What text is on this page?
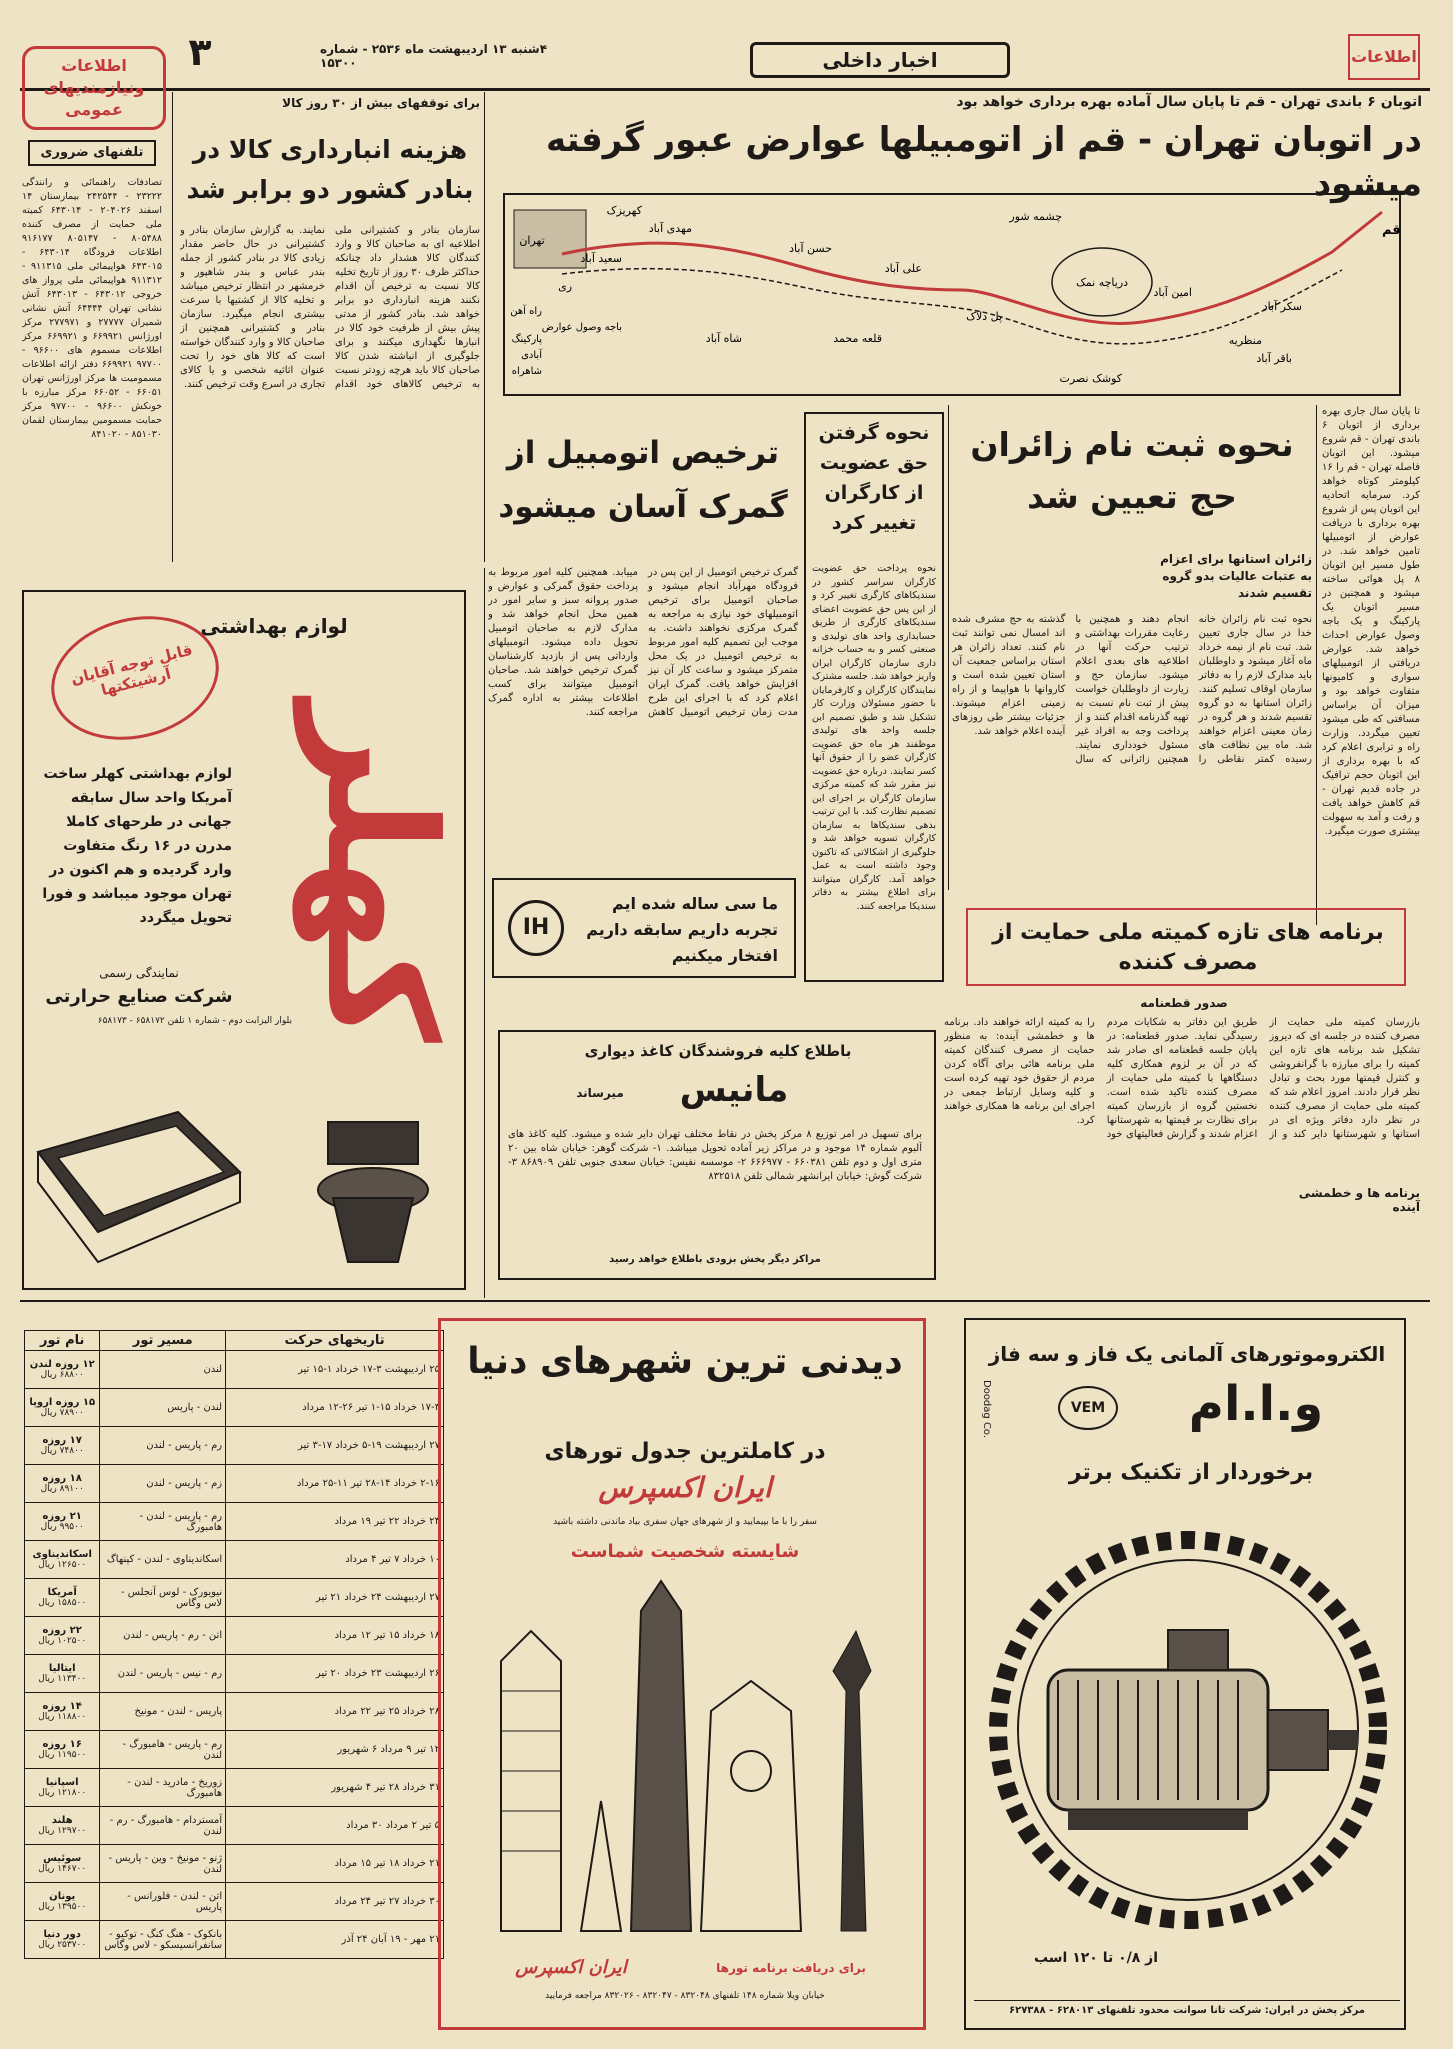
اطلاعات
اخبار داخلی
۴شنبه ۱۳ اردیبهشت ماه ۲۵۳۶ - شماره ۱۵۳۰۰
۳
اطلاعات ونیازمندیهای عمومی
تلفنهای ضروری
تصادفات راهنمائی و رانندگی ۲۳۲۲۲ - ۲۴۲۵۴۴ بیمارستان ۱۴ اسفند ۲۰۴۰۲۶ - ۶۴۳۰۱۴ کمیته ملی حمایت از مصرف کننده ۸۰۵۴۸۸ - ۸۰۵۱۴۷ ۹۱۶۱۷۷ اطلاعات فرودگاه ۶۴۳۰۱۴ - ۶۴۳۰۱۵ هواپیمائی ملی ۹۱۱۳۱۵ - ۹۱۱۳۱۲ هواپیمائی ملی پرواز های خروجی ۶۴۳۰۱۲ - ۶۴۳۰۱۳ آتش نشانی تهران ۶۴۴۴۴ آتش نشانی شمیران ۲۷۷۷۷ و ۲۷۷۹۷۱ مرکز اورژانس ۶۶۹۹۲۱ و ۶۶۹۹۲۱ مرکز اطلاعات مسموم های ۹۶۶۰۰ - ۹۷۷۰۰ ۶۶۹۹۲۱ دفتر ارائه اطلاعات مسمومیت ها مرکز اورژانس تهران ۶۶۰۵۱ - ۶۶۰۵۲ مرکز مبارزه با خونکش ۹۶۶۰۰ - ۹۷۷۰۰ مرکز حمایت مسمومین بیمارستان لقمان ۸۵۱۰۳۰ - ۸۴۱۰۲۰
برای توقفهای بیش از ۳۰ روز کالا
هزینه انبارداری کالا در بنادر کشور دو برابر شد
سازمان بنادر و کشتیرانی ملی اطلاعیه ای به صاحبان کالا و وارد کنندگان کالا هشدار داد چنانکه حداکثر ظرف ۳۰ روز از تاریخ تخلیه کالا نسبت به ترخیص آن اقدام نکنند هزینه انبارداری دو برابر خواهد شد. بنادر کشور از مدتی پیش بیش از ظرفیت خود کالا در انبارها نگهداری میکنند و برای جلوگیری از انباشته شدن کالا صاحبان کالا باید هرچه زودتر نسبت به ترخیص کالاهای خود اقدام نمایند. به گزارش سازمان بنادر و کشتیرانی در حال حاضر مقدار زیادی کالا در بنادر کشور از جمله بندر عباس و بندر شاهپور و خرمشهر در انتظار ترخیص میباشد و تخلیه کالا از کشتیها با سرعت بیشتری انجام میگیرد. سازمان بنادر و کشتیرانی همچنین از صاحبان کالا و وارد کنندگان خواسته است که کالا های خود را تحت عنوان اثاثیه شخصی و یا کالای تجاری در اسرع وقت ترخیص کنند.
اتوبان ۶ باندی تهران - قم تا پایان سال آماده بهره برداری خواهد بود
در اتوبان تهران - قم از اتومبیلها عوارض عبور گرفته میشود
تهران
ری
سعید آباد
حسن آباد
مهدی آباد
کهریزک
علی آباد
قلعه محمد
چشمه شور
دریاچه نمک
قم
پل دلاک
منظریه
باقر آباد
کوشک نصرت
شاه آباد
امین آباد
سکر آباد
باجه وصول عوارض
پارکینگ
راه آهن
آبادی
شاهراه
تا پایان سال جاری بهره برداری از اتوبان ۶ باندی تهران - قم شروع میشود. این اتوبان فاصله تهران - قم را ۱۶ کیلومتر کوتاه خواهد کرد. سرمایه اتحادیه این اتوبان پس از شروع بهره برداری با دریافت عوارض از اتومبیلها تامین خواهد شد. در طول مسیر این اتوبان ۸ پل هوائی ساخته میشود و همچنین در مسیر اتوبان یک پارکینگ و یک باجه وصول عوارض احداث خواهد شد. عوارض دریافتی از اتومبیلهای سواری و کامیونها متفاوت خواهد بود و میزان آن براساس مسافتی که طی میشود تعیین میگردد. وزارت راه و ترابری اعلام کرد که با بهره برداری از این اتوبان حجم ترافیک در جاده قدیم تهران - قم کاهش خواهد یافت و رفت و آمد به سهولت بیشتری صورت میگیرد.
نحوه ثبت نام زائران حج تعیین شد
زائران استانها برای اعزام به عتبات عالیات بدو گروه تقسیم شدند
نحوه ثبت نام زائران خانه خدا در سال جاری تعیین شد. ثبت نام از نیمه خرداد ماه آغاز میشود و داوطلبان باید مدارک لازم را به دفاتر سازمان اوقاف تسلیم کنند. زائران استانها به دو گروه تقسیم شدند و هر گروه در زمان معینی اعزام خواهند شد. ماه بین نظافت های رسیده کمتر نقاطی را انجام دهند و همچنین با رعایت مقررات بهداشتی و ترتیب حرکت آنها در اطلاعیه های بعدی اعلام میشود. سازمان حج و زیارت از داوطلبان خواست پیش از ثبت نام نسبت به تهیه گذرنامه اقدام کنند و از پرداخت وجه به افراد غیر مسئول خودداری نمایند. همچنین زائرانی که سال گذشته به حج مشرف شده اند امسال نمی توانند ثبت نام کنند. تعداد زائران هر استان براساس جمعیت آن استان تعیین شده است و کاروانها با هواپیما و از راه زمینی اعزام میشوند. جزئیات بیشتر طی روزهای آینده اعلام خواهد شد.
نحوه گرفتن حق عضویت از کارگران تغییر کرد
نحوه پرداخت حق عضویت کارگران سراسر کشور در سندیکاهای کارگری تغییر کرد و از این پس حق عضویت اعضای سندیکاهای کارگری از طریق حسابداری واحد های تولیدی و صنعتی کسر و به حساب خزانه داری سازمان کارگران ایران واریز خواهد شد. جلسه مشترک نمایندگان کارگران و کارفرمایان با حضور مسئولان وزارت کار تشکیل شد و طبق تصمیم این جلسه واحد های تولیدی موظفند هر ماه حق عضویت کارگران عضو را از حقوق آنها کسر نمایند. درباره حق عضویت نیز مقرر شد که کمیته مرکزی سازمان کارگران بر اجرای این تصمیم نظارت کند. با این ترتیب بدهی سندیکاها به سازمان کارگران تسویه خواهد شد و جلوگیری از اشکالاتی که تاکنون وجود داشته است به عمل خواهد آمد. کارگران میتوانند برای اطلاع بیشتر به دفاتر سندیکا مراجعه کنند.
ترخیص اتومبیل از گمرک آسان میشود
گمرک ترخیص اتومبیل از این پس در فرودگاه مهرآباد انجام میشود و صاحبان اتومبیل برای ترخیص اتومبیلهای خود نیازی به مراجعه به گمرک مرکزی نخواهند داشت. به موجب این تصمیم کلیه امور مربوط به ترخیص اتومبیل در یک محل متمرکز میشود و ساعت کار آن نیز افزایش خواهد یافت. گمرک ایران اعلام کرد که با اجرای این طرح مدت زمان ترخیص اتومبیل کاهش مییابد. همچنین کلیه امور مربوط به پرداخت حقوق گمرکی و عوارض و صدور پروانه سبز و سایر امور در همین محل انجام خواهد شد و مدارک لازم به صاحبان اتومبیل تحویل داده میشود. اتومبیلهای وارداتی پس از بازدید کارشناسان گمرک ترخیص خواهند شد. صاحبان اتومبیل میتوانند برای کسب اطلاعات بیشتر به اداره گمرک مراجعه کنند.
IH
ما سی ساله شده ایم
تجربه داریم سابقه داریم
افتخار میکنیم
برنامه های تازه کمیته ملی حمایت از مصرف کننده
صدور قطعنامه
برنامه ها و خطمشی آینده
بازرسان کمیته ملی حمایت از مصرف کننده در جلسه ای که دیروز تشکیل شد برنامه های تازه این کمیته را برای مبارزه با گرانفروشی و کنترل قیمتها مورد بحث و تبادل نظر قرار دادند. امروز اعلام شد که کمیته ملی حمایت از مصرف کننده در نظر دارد دفاتر ویژه ای در استانها و شهرستانها دایر کند و از طریق این دفاتر به شکایات مردم رسیدگی نماید. صدور قطعنامه: در پایان جلسه قطعنامه ای صادر شد که در آن بر لزوم همکاری کلیه دستگاهها با کمیته ملی حمایت از مصرف کننده تاکید شده است. نخستین گروه از بازرسان کمیته برای نظارت بر قیمتها به شهرستانها اعزام شدند و گزارش فعالیتهای خود را به کمیته ارائه خواهند داد. برنامه ها و خطمشی آینده: به منظور حمایت از مصرف کنندگان کمیته ملی برنامه هائی برای آگاه کردن مردم از حقوق خود تهیه کرده است و کلیه وسایل ارتباط جمعی در اجرای این برنامه ها همکاری خواهند کرد.
باطلاع کلیه فروشندگان کاغذ دیواری
مانیس
میرساند
برای تسهیل در امر توزیع ۸ مرکز پخش در نقاط مختلف تهران دایر شده و میشود. کلیه کاغذ های آلبوم شماره ۱۴ موجود و در مراکز زیر آماده تحویل میباشد. ۱- شرکت گوهر: خیابان شاه بین ۲۰ متری اول و دوم تلفن ۶۶۰۳۸۱ - ۶۶۶۹۷۷ ۲- موسسه نفیس: خیابان سعدی جنوبی تلفن ۸۶۸۹۰۹ ۳- شرکت گوش: خیابان ایرانشهر شمالی تلفن ۸۳۲۵۱۸
مراکز دیگر پخش بزودی باطلاع خواهد رسید
لوازم بهداشتی
قابل توجه آقایان آرشیتکتها
کهلر
لوازم بهداشتی کهلر ساخت آمریکا واحد سال سابقه جهانی در طرحهای کاملا مدرن در ۱۶ رنگ متفاوت وارد گردیده و هم اکنون در تهران موجود میباشد و فورا تحویل میگردد
نمایندگی رسمی
شرکت صنایع حرارتی
بلوار الیزابت دوم - شماره ۱ تلفن ۶۵۸۱۷۲ - ۶۵۸۱۷۳
تاریخهای حرکت	مسیر تور	نام تور
۲۵ اردیبهشت ۳-۱۷ خرداد ۱-۱۵ تیر	لندن	۱۲ روزه لندن
۶۸۸۰۰ ریال

۱۷-۳ خرداد ۱۵-۱ تیر ۲۶-۱۲ مرداد	لندن - پاریس	۱۵ روزه اروپا
۷۸۹۰۰ ریال

۲۷ اردیبهشت ۱۹-۵ خرداد ۱۷-۳ تیر	رم - پاریس - لندن	۱۷ روزه
۷۴۸۰۰ ریال

۲-۱۶ خرداد ۱۴-۲۸ تیر ۱۱-۲۵ مرداد	زم - پاریس - لندن	۱۸ روزه
۸۹۱۰۰ ریال

۲۴ خرداد ۲۲ تیر ۱۹ مرداد	رم - پاریس - لندن - هامبورگ	۲۱ روزه
۹۹۵۰۰ ریال

۱۰ خرداد ۷ تیر ۴ مرداد	اسکاندیناوی - لندن - کپنهاگ	اسکاندیناوی
۱۲۶۵۰۰ ریال

۲۷ اردیبهشت ۲۴ خرداد ۲۱ تیر	نیویورک - لوس آنجلس - لاس وگاس	آمریکا
۱۵۸۵۰۰ ریال

۱۸ خرداد ۱۵ تیر ۱۲ مرداد	اتن - رم - پاریس - لندن	۲۲ روزه
۱۰۲۵۰۰ ریال

۲۶ اردیبهشت ۲۳ خرداد ۲۰ تیر	رم - نیس - پاریس - لندن	ایتالیا
۱۱۳۴۰۰ ریال

۲۸ خرداد ۲۵ تیر ۲۲ مرداد	پاریس - لندن - مونیخ	۱۴ روزه
۱۱۸۸۰۰ ریال

۱۲ تیر ۹ مرداد ۶ شهریور	رم - پاریس - هامبورگ - لندن	۱۶ روزه
۱۱۹۵۰۰ ریال

۳۱ خرداد ۲۸ تیر ۴ شهریور	زوریخ - مادرید - لندن - هامبورگ	اسپانیا
۱۲۱۸۰۰ ریال

۵ تیر ۲ مرداد ۳۰ مرداد	آمستردام - هامبورگ - رم - لندن	هلند
۱۲۹۷۰۰ ریال

۲۱ خرداد ۱۸ تیر ۱۵ مرداد	ژنو - مونیخ - وین - پاریس - لندن	سوئیس
۱۴۶۷۰۰ ریال

۳۰ خرداد ۲۷ تیر ۲۴ مرداد	اتن - لندن - فلورانس - پاریس	یونان
۱۳۹۵۰۰ ریال

۲۱ مهر - ۱۹ آبان ۲۴ آذر	بانکوک - هنگ کنگ - توکیو - سانفرانسیسکو - لاس وگاس	دور دنیا
۲۵۳۷۰۰ ریال
دیدنی ترین شهرهای دنیا
در کاملترین جدول تورهای
ایران اکسپرس
سفر را با ما بپیمایید و از شهرهای جهان سفری بیاد ماندنی داشته باشید
شایسته شخصیت شماست
ایران اکسپرس	برای دریافت برنامه تورها
خیابان ویلا شماره ۱۴۸ تلفنهای ۸۳۲۰۴۸ - ۸۳۲۰۴۷ - ۸۳۲۰۲۶ مراجعه فرمایید
الکتروموتورهای آلمانی یک فاز و سه فاز
VEM	و.ا.ام
برخوردار از تکنیک برتر
Doodag Co.
از ۰/۸ تا ۱۲۰ اسب
مرکز پخش در ایران: شرکت تانا سوانت محدود تلفنهای ۶۲۸۰۱۳ - ۶۲۷۳۸۸
